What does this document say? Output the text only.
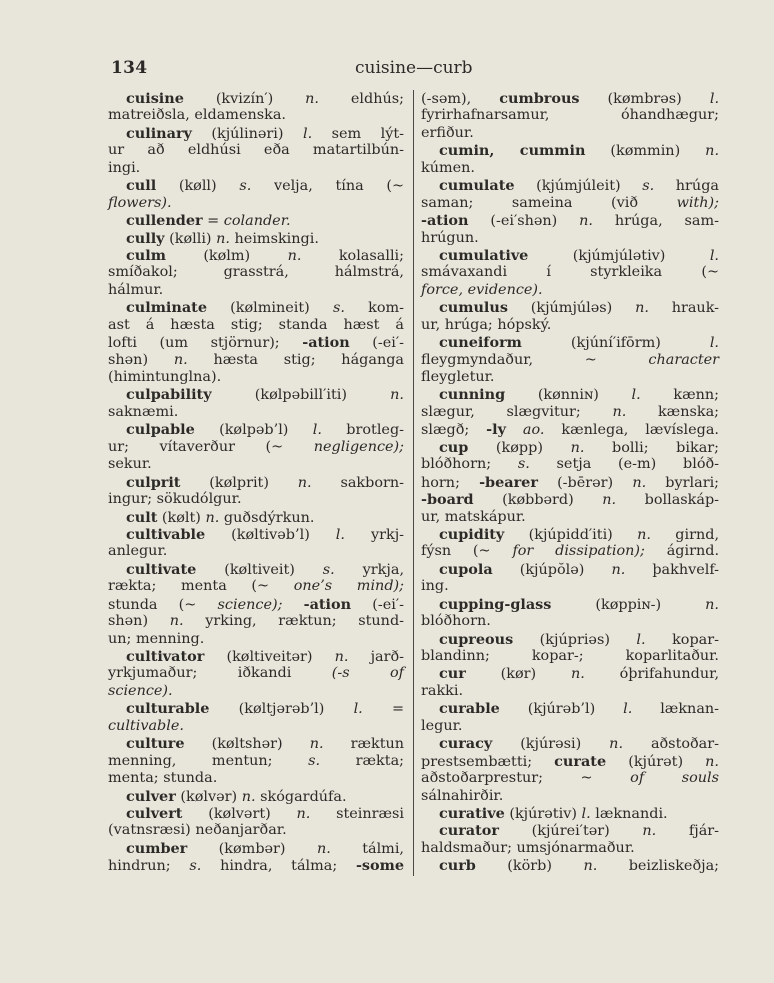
134	cuisine—curb
cuisine (kvizín′) n. eldhús;
matreiðsla, eldamenska.
culinary (kjúlinəri) l. sem lýt-
ur að eldhúsi eða matartilbún-
ingi.
cull (køll) s. velja, tína (~
flowers).
cullender = colander.
cully (kølli) n. heimskingi.
culm	(kølm)	n.	kolasalli;
smíðakol; grasstrá, hálmstrá,
hálmur.
culminate (kølmineit) s. kom-
ast á hæsta stig; standa hæst á
lofti (um stjörnur); -ation (-ei′-
shən) n. hæsta stig; háganga
(himintunglna).
culpability	(kølpəbill′iti)	n.
saknæmi.
culpable (kølpəb’l) l. brotleg-
ur; vítaverður (~ negligence);
sekur.
culprit (kølprit) n. sakborn-
ingur; sökudólgur.
cult (kølt) n. guðsdýrkun.
cultivable (køltivəb’l) l. yrkj-
anlegur.
cultivate (køltiveit) s. yrkja,
rækta; menta (~ one’s mind);
stunda (~ science); -ation (-ei′-
shən) n. yrking, ræktun; stund-
un; menning.
cultivator (køltiveitər) n. jarð-
yrkjumaður; iðkandi	(-s of
science).
culturable (køltjərəb’l) l. =
cultivable.
culture (køltshər) n. ræktun
menning, mentun; s. rækta;
menta; stunda.
culver (kølvər) n. skógardúfa.
culvert (kølvərt) n. steinræsi
(vatnsræsi) neðanjarðar.
cumber (kømbər) n. tálmi,
hindrun; s. hindra, tálma; -some
(-səm), cumbrous (kømbrəs) l.
fyrirhafnarsamur, óhandhægur;
erfiður.
cumin, cummin (kømmin) n.
kúmen.
cumulate (kjúmjúleit) s. hrúga
saman; sameina (við	with);
-ation (-ei′shən) n. hrúga, sam-
hrúgun.
cumulative	(kjúmjúlətiv)	l.
smávaxandi í styrkleika (~
force, evidence).
cumulus (kjúmjúləs) n. hrauk-
ur, hrúga; hópský.
cuneiform	(kjúní′ifōrm)	l.
fleygmyndaður, ~	character
fleygletur.
cunning (kønniɴ) l. kænn;
slægur, slægvitur; n. kænska;
slægð; -ly ao. kænlega, lævíslega.
cup (køpp) n. bolli; bikar;
blóðhorn; s. setja (e-m) blóð-
horn; -bearer (-bērər) n. byrlari;
-board (købbərd) n. bollaskáp-
ur, matskápur.
cupidity (kjúpidd′iti) n. girnd,
fýsn (~ for dissipation); ágirnd.
cupola (kjúpŏlə) n. þakhvelf-
ing.
cupping-glass	(køppiɴ-)	n.
blóðhorn.
cupreous (kjúpriəs) l. kopar-
blandinn; kopar-; koparlitaður.
cur (kør) n. óþrifahundur,
rakki.
curable (kjúrəb’l) l. læknan-
legur.
curacy (kjúrəsi) n. aðstoðar-
prestsembætti; curate (kjúrət) n.
aðstoðarprestur; ~	of souls
sálnahirðir.
curative (kjúrətiv) l. læknandi.
curator (kjúrei′tər) n. fjár-
haldsmaður; umsjónarmaður.
curb (körb) n. beizliskeðja;
